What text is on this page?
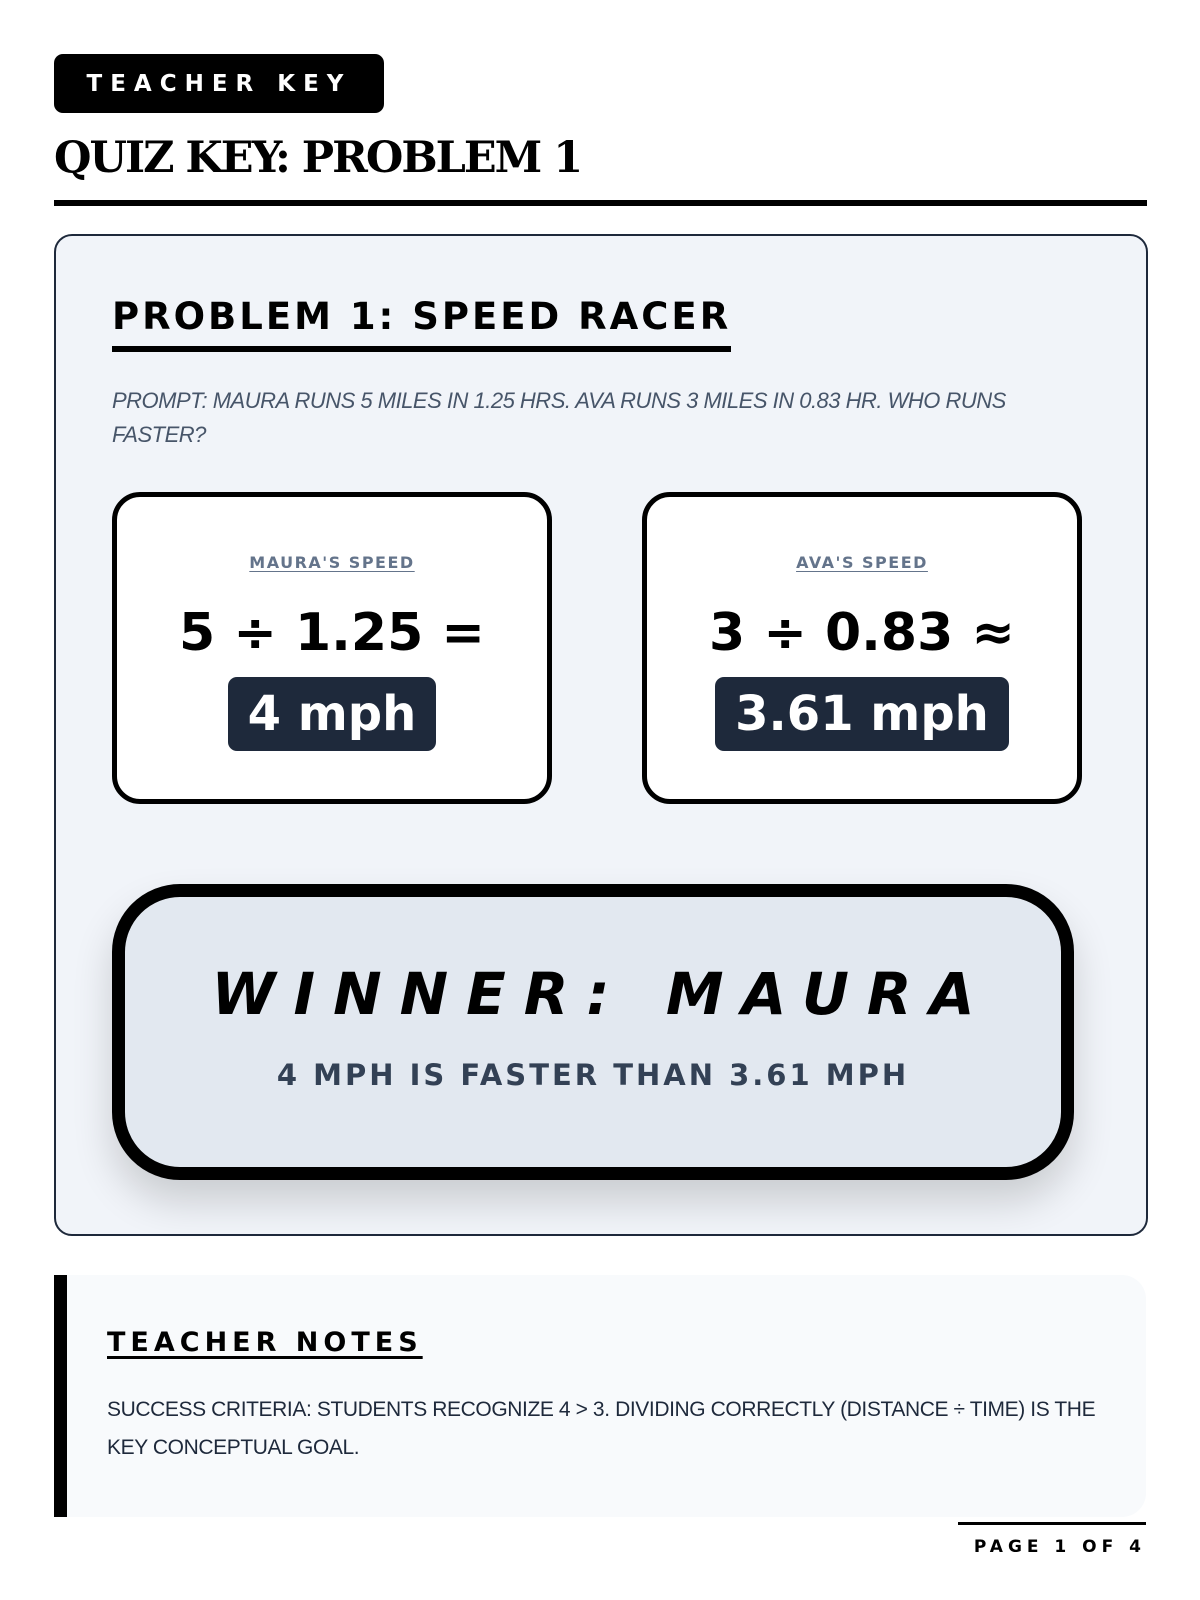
TEACHER KEY
QUIZ KEY: PROBLEM 1
PROBLEM 1: SPEED RACER

PROMPT: MAURA RUNS 5 MILES IN 1.25 HRS. AVA RUNS 3 MILES IN 0.83 HR. WHO RUNS FASTER?

MAURA'S SPEED
5 ÷ 1.25 =
4 mph
AVA'S SPEED
3 ÷ 0.83 ≈
3.61 mph
WINNER: MAURA
4 MPH IS FASTER THAN 3.61 MPH
TEACHER NOTES

SUCCESS CRITERIA: STUDENTS RECOGNIZE 4 > 3. DIVIDING CORRECTLY (DISTANCE ÷ TIME) IS THE KEY CONCEPTUAL GOAL.

PAGE 1 OF 4
